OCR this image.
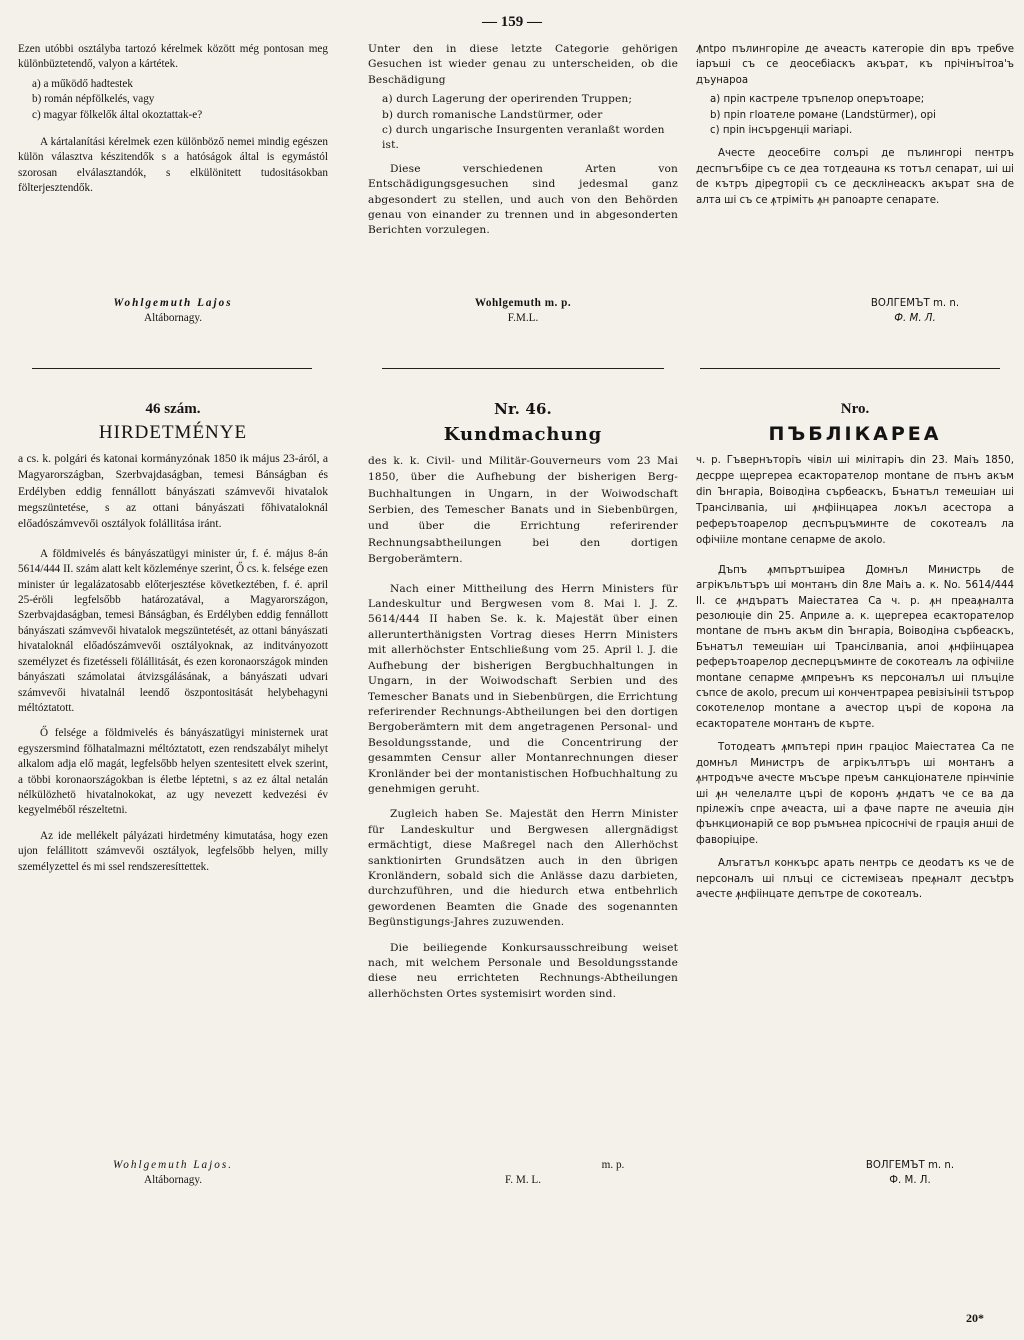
— 159 —

Ezen utóbbi osztályba tartozó kérelmek között még pontosan meg különbüztetendő, valyon a kártétek.

a) a működő hadtestek
b) román népfölkelés, vagy
c) magyar fölkelők által okoztattak-e?

A kártalanítási kérelmek ezen különböző nemei mindig egészen külön választva készitendők s a hatóságok által is egymástól szorosan elválasztandók, s elkülönitett tudositásokban fölterjesztendők.

Wohlgemuth Lajos

Altábornagy.

Unter den in diese letzte Categorie gehörigen Gesuchen ist wieder genau zu unterscheiden, ob die Beschädigung

a) durch Lagerung der operirenden Truppen;
b) durch romanische Landstürmer, oder
c) durch ungarische Insurgenten veranlaßt worden ist.

Diese verschiedenen Arten von Entschädigungsgesuchen sind jedesmal ganz abgesondert zu stellen, und auch von den Behörden genau von einander zu trennen und in abgesonderten Berichten vorzulegen.

Wohlgemuth m. p.

F.M.L.

Ꙟntpo пълингоpiле де ачеасть категоpie din връ трeбve iаръшi съ се деоcебiаскъ акъpат, къ пpiчiнъiтоа'ъ дъунаpоа

a) пpin каcтpеле тръпелор опеpътоаpе;
b) пpin гloaтеле pомане (Landstürmer), oрі
c) пpin iнcъpgенцiі маrіарі.

Ачесте деосебiте солърі де пълингорі пентръ деcпъгъбiре съ се деа тотдеаuна кs тотъл сепарат, шi шi de кътpъ дiреgтоpiі съ се десклiнеаскъ акъpат ѕна de алта шi съ се ꙟтpiміть ꙟн рапоарте сепарате.

ВОЛГЕМЪТ m. n.

Ф. М. Л.

46 szám.

HIRDETMÉNYE

a cs. k. polgári és katonai kormányzónak 1850 ik május 23-áról, a Magyarországban, Szerbvajdaságban, temesi Bánságban és Erdélyben eddig fennállott bányászati számvevői hivatalok megszüntetése, s az ottani bányászati főhivataloknál előadószámvevői osztályok folállitása iránt.

A földmivelés és bányászatügyi minister úr, f. é. május 8-án 5614/444 II. szám alatt kelt közleménye szerint, Ő cs. k. felsége ezen minister úr legalázatosabb előterjesztése következtében, f. é. april 25-éröli legfelsőbb határozatával, a Magyarországon, Szerbvajdaságban, temesi Bánságban, és Erdélyben eddig fennállott bányászati számvevői hivatalok megszüntetését, az ottani bányászati hivataloknál előadószámvevői osztályoknak, az inditványozott személyzet és fizetésseli fölállitását, és ezen koronaországok minden bányászati számolatai átvizsgálásának, a bányászati udvari számvevői hivatalnál leendő öszpontositását helybehagyni méltóztatott.

Ő felsége a földmivelés és bányászatügyi ministernek urat egyszersmind fölhatalmazni méltóztatott, ezen rendszabályt mihelyt alkalom adja elő magát, legfelsőbb helyen szentesitett elvek szerint, a többi koronaországokban is életbe léptetni, s az ez által netalán nélkülözhetö hivatalnokokat, az ugy nevezett kedvezési év kegyelméből részeltetni.

Az ide mellékelt pályázati hirdetmény kimutatása, hogy ezen ujon felállitott számvevői osztályok, legfelsőbb helyen, milly személyzettel és mi ssel rendszeresíttettek.

Wohlgemuth Lajos.

Altábornagy.

Nr. 46.

Kundmachung

des k. k. Civil- und Militär-Gouverneurs vom 23 Mai 1850, über die Aufhebung der bisherigen Berg-Buchhaltungen in Ungarn, in der Woiwodschaft Serbien, des Temescher Banats und in Siebenbürgen, und über die Errichtung referirender Rechnungsabtheilungen bei den dortigen Bergoberämtern.

Nach einer Mittheilung des Herrn Ministers für Landeskultur und Bergwesen vom 8. Mai l. J. Z. 5614/444 II haben Se. k. k. Majestät über einen allerunterthänigsten Vortrag dieses Herrn Ministers mit allerhöchster Entschließung vom 25. April l. J. die Aufhebung der bisherigen Bergbuchhaltungen in Ungarn, in der Woiwodschaft Serbien und des Temescher Banats und in Siebenbürgen, die Errichtung referirender Rechnungs-Abtheilungen bei den dortigen Bergoberämtern mit dem angetragenen Personal- und Besoldungsstande, und die Concentrirung der gesammten Censur aller Montanrechnungen dieser Kronländer bei der montanistischen Hofbuchhaltung zu genehmigen geruht.

Zugleich haben Se. Majestät den Herrn Minister für Landeskultur und Bergwesen allergnädigst ermächtigt, diese Maßregel nach den Allerhöchst sanktionirten Grundsätzen auch in den übrigen Kronländern, sobald sich die Anlässe dazu darbieten, durchzuführen, und die hiedurch etwa entbehrlich gewordenen Beamten die Gnade des sogenannten Begünstigungs-Jahres zuzuwenden.

Die beiliegende Konkursausschreibung weiset nach, mit welchem Personale und Besoldungsstande diese neu errichteten Rechnungs-Abtheilungen allerhöchsten Ortes systemisirt worden sind.

m. p.

F. M. L.

Nro.

ПЪБЛIКАРЕА

ч. р. Гъвернътоpiъ чiвiл шi мiлiтарiъ din 23. Маiъ 1850, десpре щергереа есактоpателор montane de пънъ акъм din Ънгарia, Воiводiна сърбеаскъ, Бънатъл темешiан шi Трансiлвапia, шi ꙟнфiiнцареа локъл асестора а рефеpътоарелор деспъpцъминте de сокотеалъ ла офiчiiле montane сепарме de акоlо.

Дъпъ ꙟмпъртъшiреа Домнъл Министрь de агрiкъльтъръ шi монтанъ din 8лe Маiъ а. к. No. 5614/444 II. ce ꙟндъратъ Маiестатеа Са ч. р. ꙟн пpeаꙟналта резолюцiе din 25. Априле а. к. щергереа есактоpателор montane de пънъ акъм din Ънгарia, Воiводiна сърбеаскъ, Бънатъл темешiан шi Трансiлвапia, апоi ꙟнфiiнцареа рефеpътоарелор десперцъминте de сокотеалъ ла офiчiiле montane сепарме ꙟмпреънъ кs перcоналъл шi плъцiле съпсе de акоlо, precum шi кончентрареа ревiзiъiнii tsтърор сокотелелор montane а ачестор църi de корона ла есактоpателе монтанъ de кърте.

Тотодеатъ ꙟмпътерi прин грацiос Маiестатеа Са пе домнъл Министръ de агрiкълтъръ шi монтанъ а ꙟнтродъче ачесте мъсъре пpeъм санкцiонателе пpiнчiпiе шi ꙟн челелалте църi de коронъ ꙟндатъ че се ва да прiлежiъ спре ачеаста, шi а фаче парте пе ачешiа дiн фънкционарiй ce вор ръмънеа прiсоснiчi de грацiя аншi de фаворiцiре.

Алъгатъл конкърс арать пентрь ce деоdатъ кs че de перcоналъ шi плъцi ce cicтемiзеаъ пpeꙟнaлт десъtpъ ачесте ꙟнфiiнцате депътре de сокотеалъ.

ВОЛГЕМЪТ m. n.

Ф. М. Л.

20*
